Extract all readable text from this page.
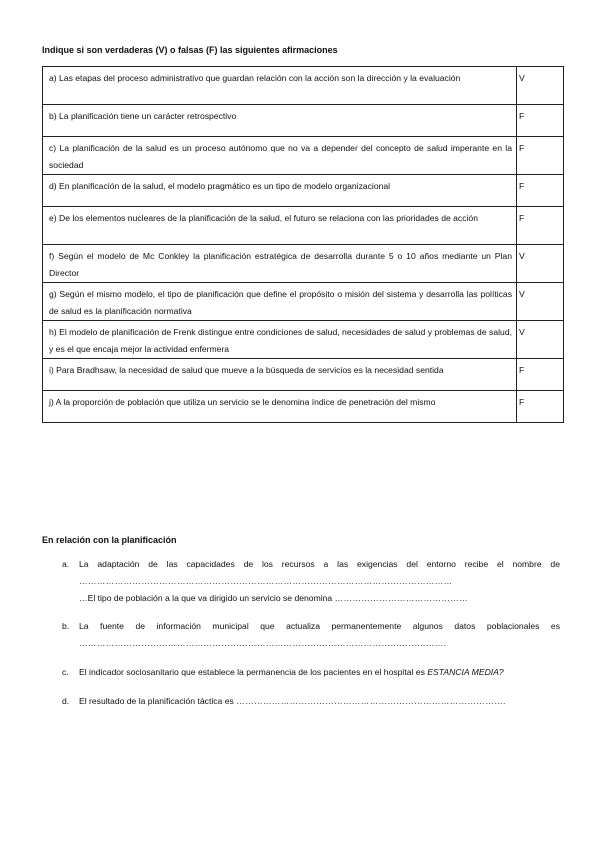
Indique si son verdaderas (V) o falsas (F) las siguientes afirmaciones
a) Las etapas del proceso administrativo que guardan relación con la acción son la dirección y la evaluación	V
b) La planificación tiene un carácter retrospectivo	F
c) La planificación de la salud es un proceso autónomo que no va a depender del concepto de salud imperante en la sociedad	F
d) En planificación de la salud, el modelo pragmático es un tipo de modelo organizacional	F
e) De los elementos nucleares de la planificación de la salud, el futuro se relaciona con las prioridades de acción	F
f) Según el modelo de Mc Conkley la planificación estratégica de desarrolla durante 5 o 10 años mediante un Plan Director	V
g) Según el mismo modelo, el tipo de planificación que define el propósito o misión del sistema y desarrolla las políticas de salud es la planificación normativa	V
h) El modelo de planificación de Frenk distingue entre condiciones de salud, necesidades de salud y problemas de salud, y es el que encaja mejor la actividad enfermera	V
i) Para Bradhsaw, la necesidad de salud que mueve a la búsqueda de servicios es la necesidad sentida	F
j) A la proporción de población que utiliza un servicio se le denomina índice de penetración del mismo	F
En relación con la planificación
a. La adaptación de las capacidades de los recursos a las exigencias del entorno recibe el nombre de ………………………………………………………………………………………………………………
…El tipo de población a la que va dirigido un servicio se denomina ………………………………………
b. La fuente de información municipal que actualiza permanentemente algunos datos poblacionales es …………………………………………………………………………………………………………….
c. El indicador sociosanitario que establece la permanencia de los pacientes en el hospital es ESTANCIA MEDIA?
d. El resultado de la planificación táctica es ……………………………………………………………………………….
